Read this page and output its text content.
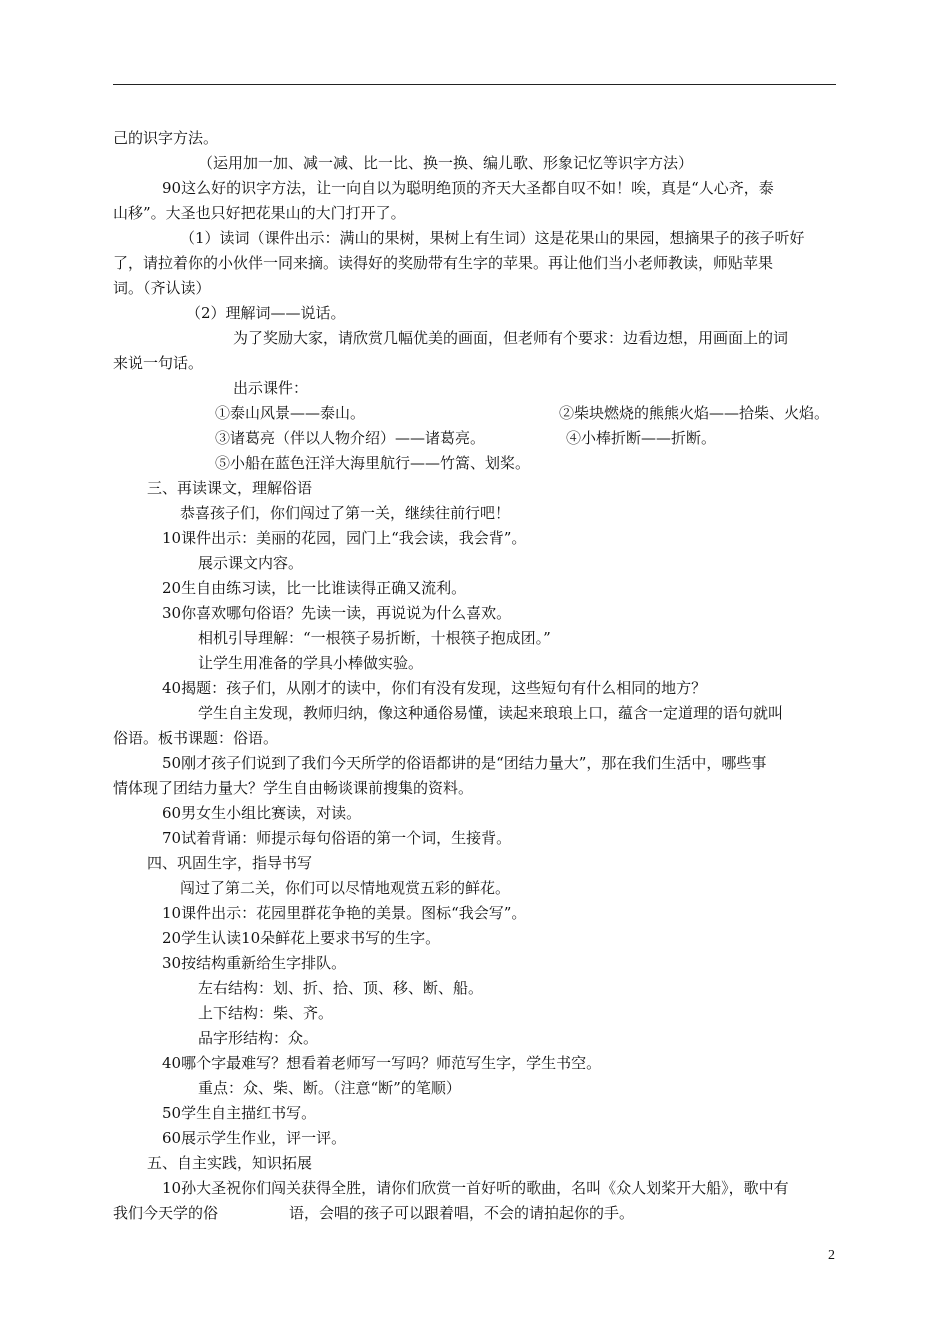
己的识字方法。
（运用加一加、减一减、比一比、换一换、编儿歌、形象记忆等识字方法）
90这么好的识字方法，让一向自以为聪明绝顶的齐天大圣都自叹不如！唉，真是“人心齐，泰
山移”。大圣也只好把花果山的大门打开了。
（1）读词（课件出示：满山的果树，果树上有生词）这是花果山的果园，想摘果子的孩子听好
了，请拉着你的小伙伴一同来摘。读得好的奖励带有生字的苹果。再让他们当小老师教读，师贴苹果
词。（齐认读）
（2）理解词——说话。
为了奖励大家，请欣赏几幅优美的画面，但老师有个要求：边看边想，用画面上的词
来说一句话。
出示课件：
①泰山风景——泰山。	②柴块燃烧的熊熊火焰——拾柴、火焰。
③诸葛亮（伴以人物介绍）——诸葛亮。	④小棒折断——折断。
⑤小船在蓝色汪洋大海里航行——竹篙、划桨。
三、再读课文，理解俗语
恭喜孩子们，你们闯过了第一关，继续往前行吧！
10课件出示：美丽的花园，园门上“我会读，我会背”。
展示课文内容。
20生自由练习读，比一比谁读得正确又流利。
30你喜欢哪句俗语？先读一读，再说说为什么喜欢。
相机引导理解：“一根筷子易折断，十根筷子抱成团。”
让学生用准备的学具小棒做实验。
40揭题：孩子们，从刚才的读中，你们有没有发现，这些短句有什么相同的地方？
学生自主发现，教师归纳，像这种通俗易懂，读起来琅琅上口，蕴含一定道理的语句就叫
俗语。板书课题：俗语。
50刚才孩子们说到了我们今天所学的俗语都讲的是“团结力量大”，那在我们生活中，哪些事
情体现了团结力量大？学生自由畅谈课前搜集的资料。
60男女生小组比赛读，对读。
70试着背诵：师提示每句俗语的第一个词，生接背。
四、巩固生字，指导书写
闯过了第二关，你们可以尽情地观赏五彩的鲜花。
10课件出示：花园里群花争艳的美景。图标“我会写”。
20学生认读10朵鲜花上要求书写的生字。
30按结构重新给生字排队。
左右结构：划、折、拾、顶、移、断、船。
上下结构：柴、齐。
品字形结构：众。
40哪个字最难写？想看着老师写一写吗？师范写生字，学生书空。
重点：众、柴、断。（注意“断”的笔顺）
50学生自主描红书写。
60展示学生作业，评一评。
五、自主实践，知识拓展
10孙大圣祝你们闯关获得全胜，请你们欣赏一首好听的歌曲，名叫《众人划桨开大船》，歌中有
我们今天学的俗	语，会唱的孩子可以跟着唱，不会的请拍起你的手。
2
